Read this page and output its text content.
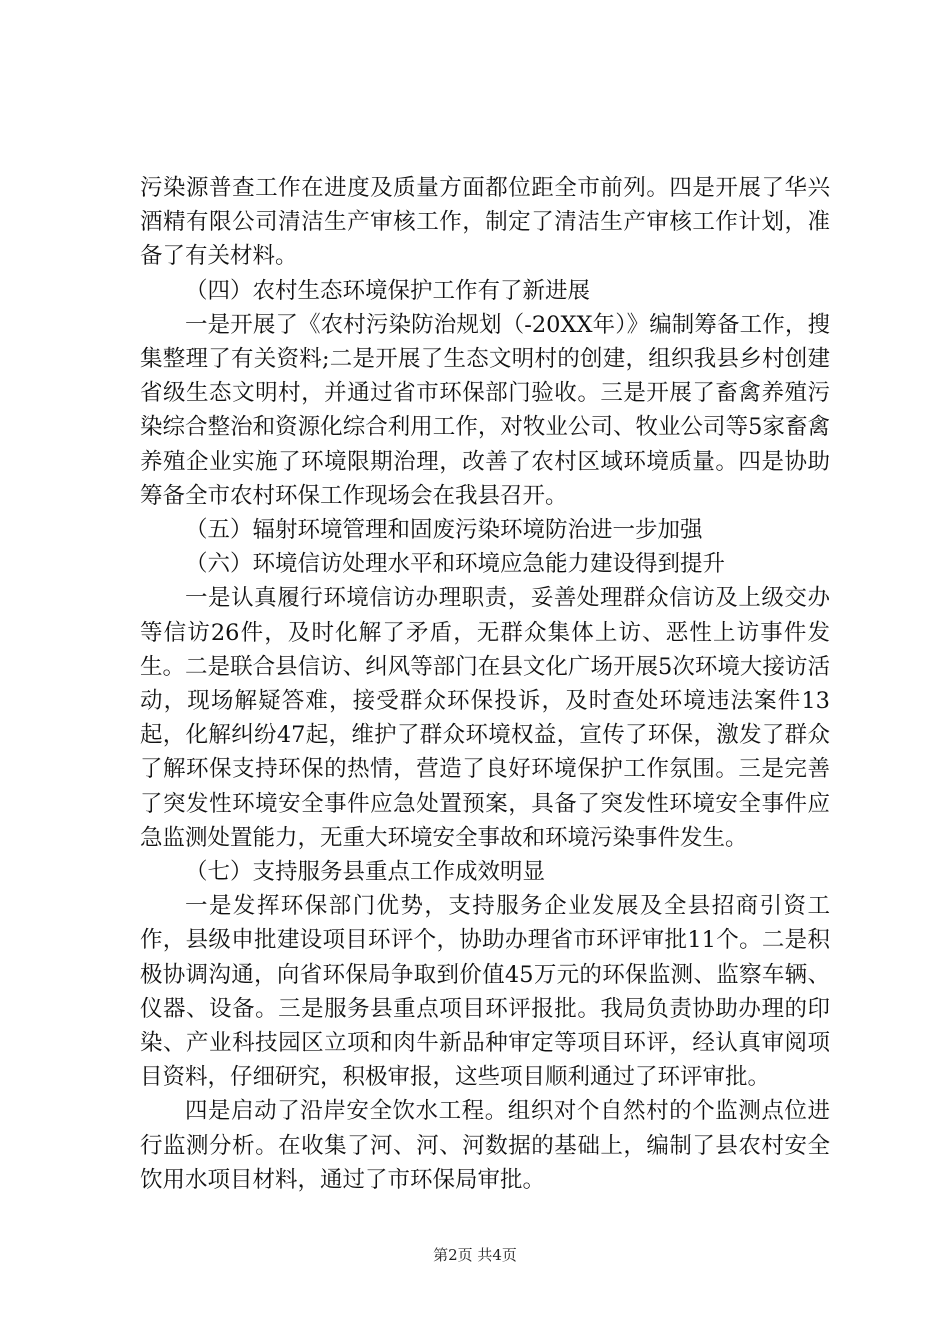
污染源普查工作在进度及质量方面都位距全市前列。四是开展了华兴酒精有限公司清洁生产审核工作，制定了清洁生产审核工作计划，准备了有关材料。

（四）农村生态环境保护工作有了新进展

一是开展了《农村污染防治规划（-20XX年）》编制筹备工作，搜集整理了有关资料;二是开展了生态文明村的创建，组织我县乡村创建省级生态文明村，并通过省市环保部门验收。三是开展了畜禽养殖污染综合整治和资源化综合利用工作，对牧业公司、牧业公司等5家畜禽养殖企业实施了环境限期治理，改善了农村区域环境质量。四是协助筹备全市农村环保工作现场会在我县召开。

（五）辐射环境管理和固废污染环境防治进一步加强

（六）环境信访处理水平和环境应急能力建设得到提升

一是认真履行环境信访办理职责，妥善处理群众信访及上级交办等信访26件，及时化解了矛盾，无群众集体上访、恶性上访事件发生。二是联合县信访、纠风等部门在县文化广场开展5次环境大接访活动，现场解疑答难，接受群众环保投诉，及时查处环境违法案件13起，化解纠纷47起，维护了群众环境权益，宣传了环保，激发了群众了解环保支持环保的热情，营造了良好环境保护工作氛围。三是完善了突发性环境安全事件应急处置预案，具备了突发性环境安全事件应急监测处置能力，无重大环境安全事故和环境污染事件发生。

（七）支持服务县重点工作成效明显

一是发挥环保部门优势，支持服务企业发展及全县招商引资工作，县级申批建设项目环评个，协助办理省市环评审批11个。二是积极协调沟通，向省环保局争取到价值45万元的环保监测、监察车辆、仪器、设备。三是服务县重点项目环评报批。我局负责协助办理的印染、产业科技园区立项和肉牛新品种审定等项目环评，经认真审阅项目资料，仔细研究，积极审报，这些项目顺利通过了环评审批。

四是启动了沿岸安全饮水工程。组织对个自然村的个监测点位进行监测分析。在收集了河、河、河数据的基础上，编制了县农村安全饮用水项目材料，通过了市环保局审批。

第2页 共4页
